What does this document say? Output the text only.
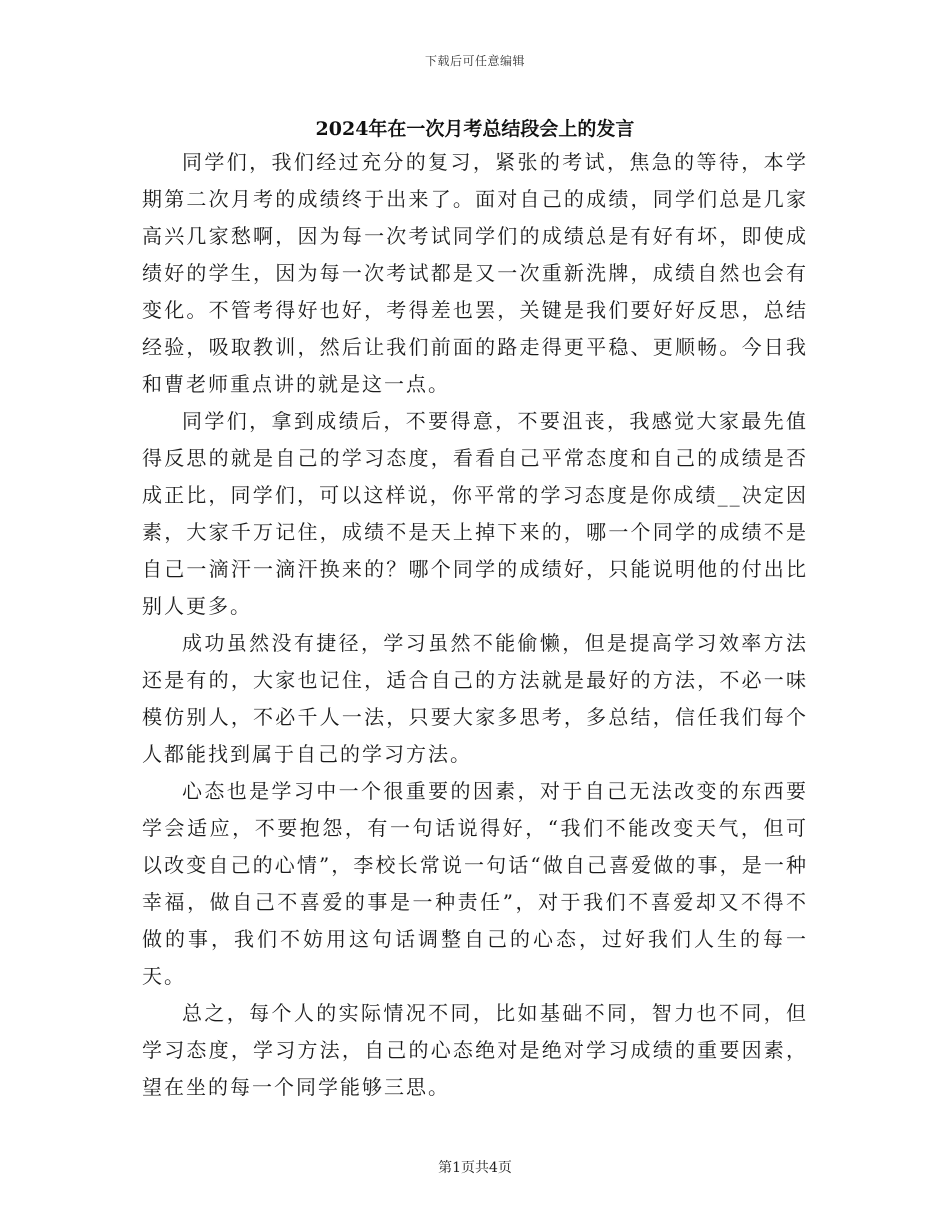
下载后可任意编辑
2024年在一次月考总结段会上的发言

同学们，我们经过充分的复习，紧张的考试，焦急的等待，本学期第二次月考的成绩终于出来了。面对自己的成绩，同学们总是几家高兴几家愁啊，因为每一次考试同学们的成绩总是有好有坏，即使成绩好的学生，因为每一次考试都是又一次重新洗牌，成绩自然也会有变化。不管考得好也好，考得差也罢，关键是我们要好好反思，总结经验，吸取教训，然后让我们前面的路走得更平稳、更顺畅。今日我和曹老师重点讲的就是这一点。

同学们，拿到成绩后，不要得意，不要沮丧，我感觉大家最先值得反思的就是自己的学习态度，看看自己平常态度和自己的成绩是否成正比，同学们，可以这样说，你平常的学习态度是你成绩__决定因素，大家千万记住，成绩不是天上掉下来的，哪一个同学的成绩不是自己一滴汗一滴汗换来的？哪个同学的成绩好，只能说明他的付出比别人更多。

成功虽然没有捷径，学习虽然不能偷懒，但是提高学习效率方法还是有的，大家也记住，适合自己的方法就是最好的方法，不必一味模仿别人，不必千人一法，只要大家多思考，多总结，信任我们每个人都能找到属于自己的学习方法。

心态也是学习中一个很重要的因素，对于自己无法改变的东西要学会适应，不要抱怨，有一句话说得好，“我们不能改变天气，但可以改变自己的心情”，李校长常说一句话“做自己喜爱做的事，是一种幸福，做自己不喜爱的事是一种责任”，对于我们不喜爱却又不得不做的事，我们不妨用这句话调整自己的心态，过好我们人生的每一天。

总之，每个人的实际情况不同，比如基础不同，智力也不同，但学习态度，学习方法，自己的心态绝对是绝对学习成绩的重要因素，望在坐的每一个同学能够三思。

第1页共4页
